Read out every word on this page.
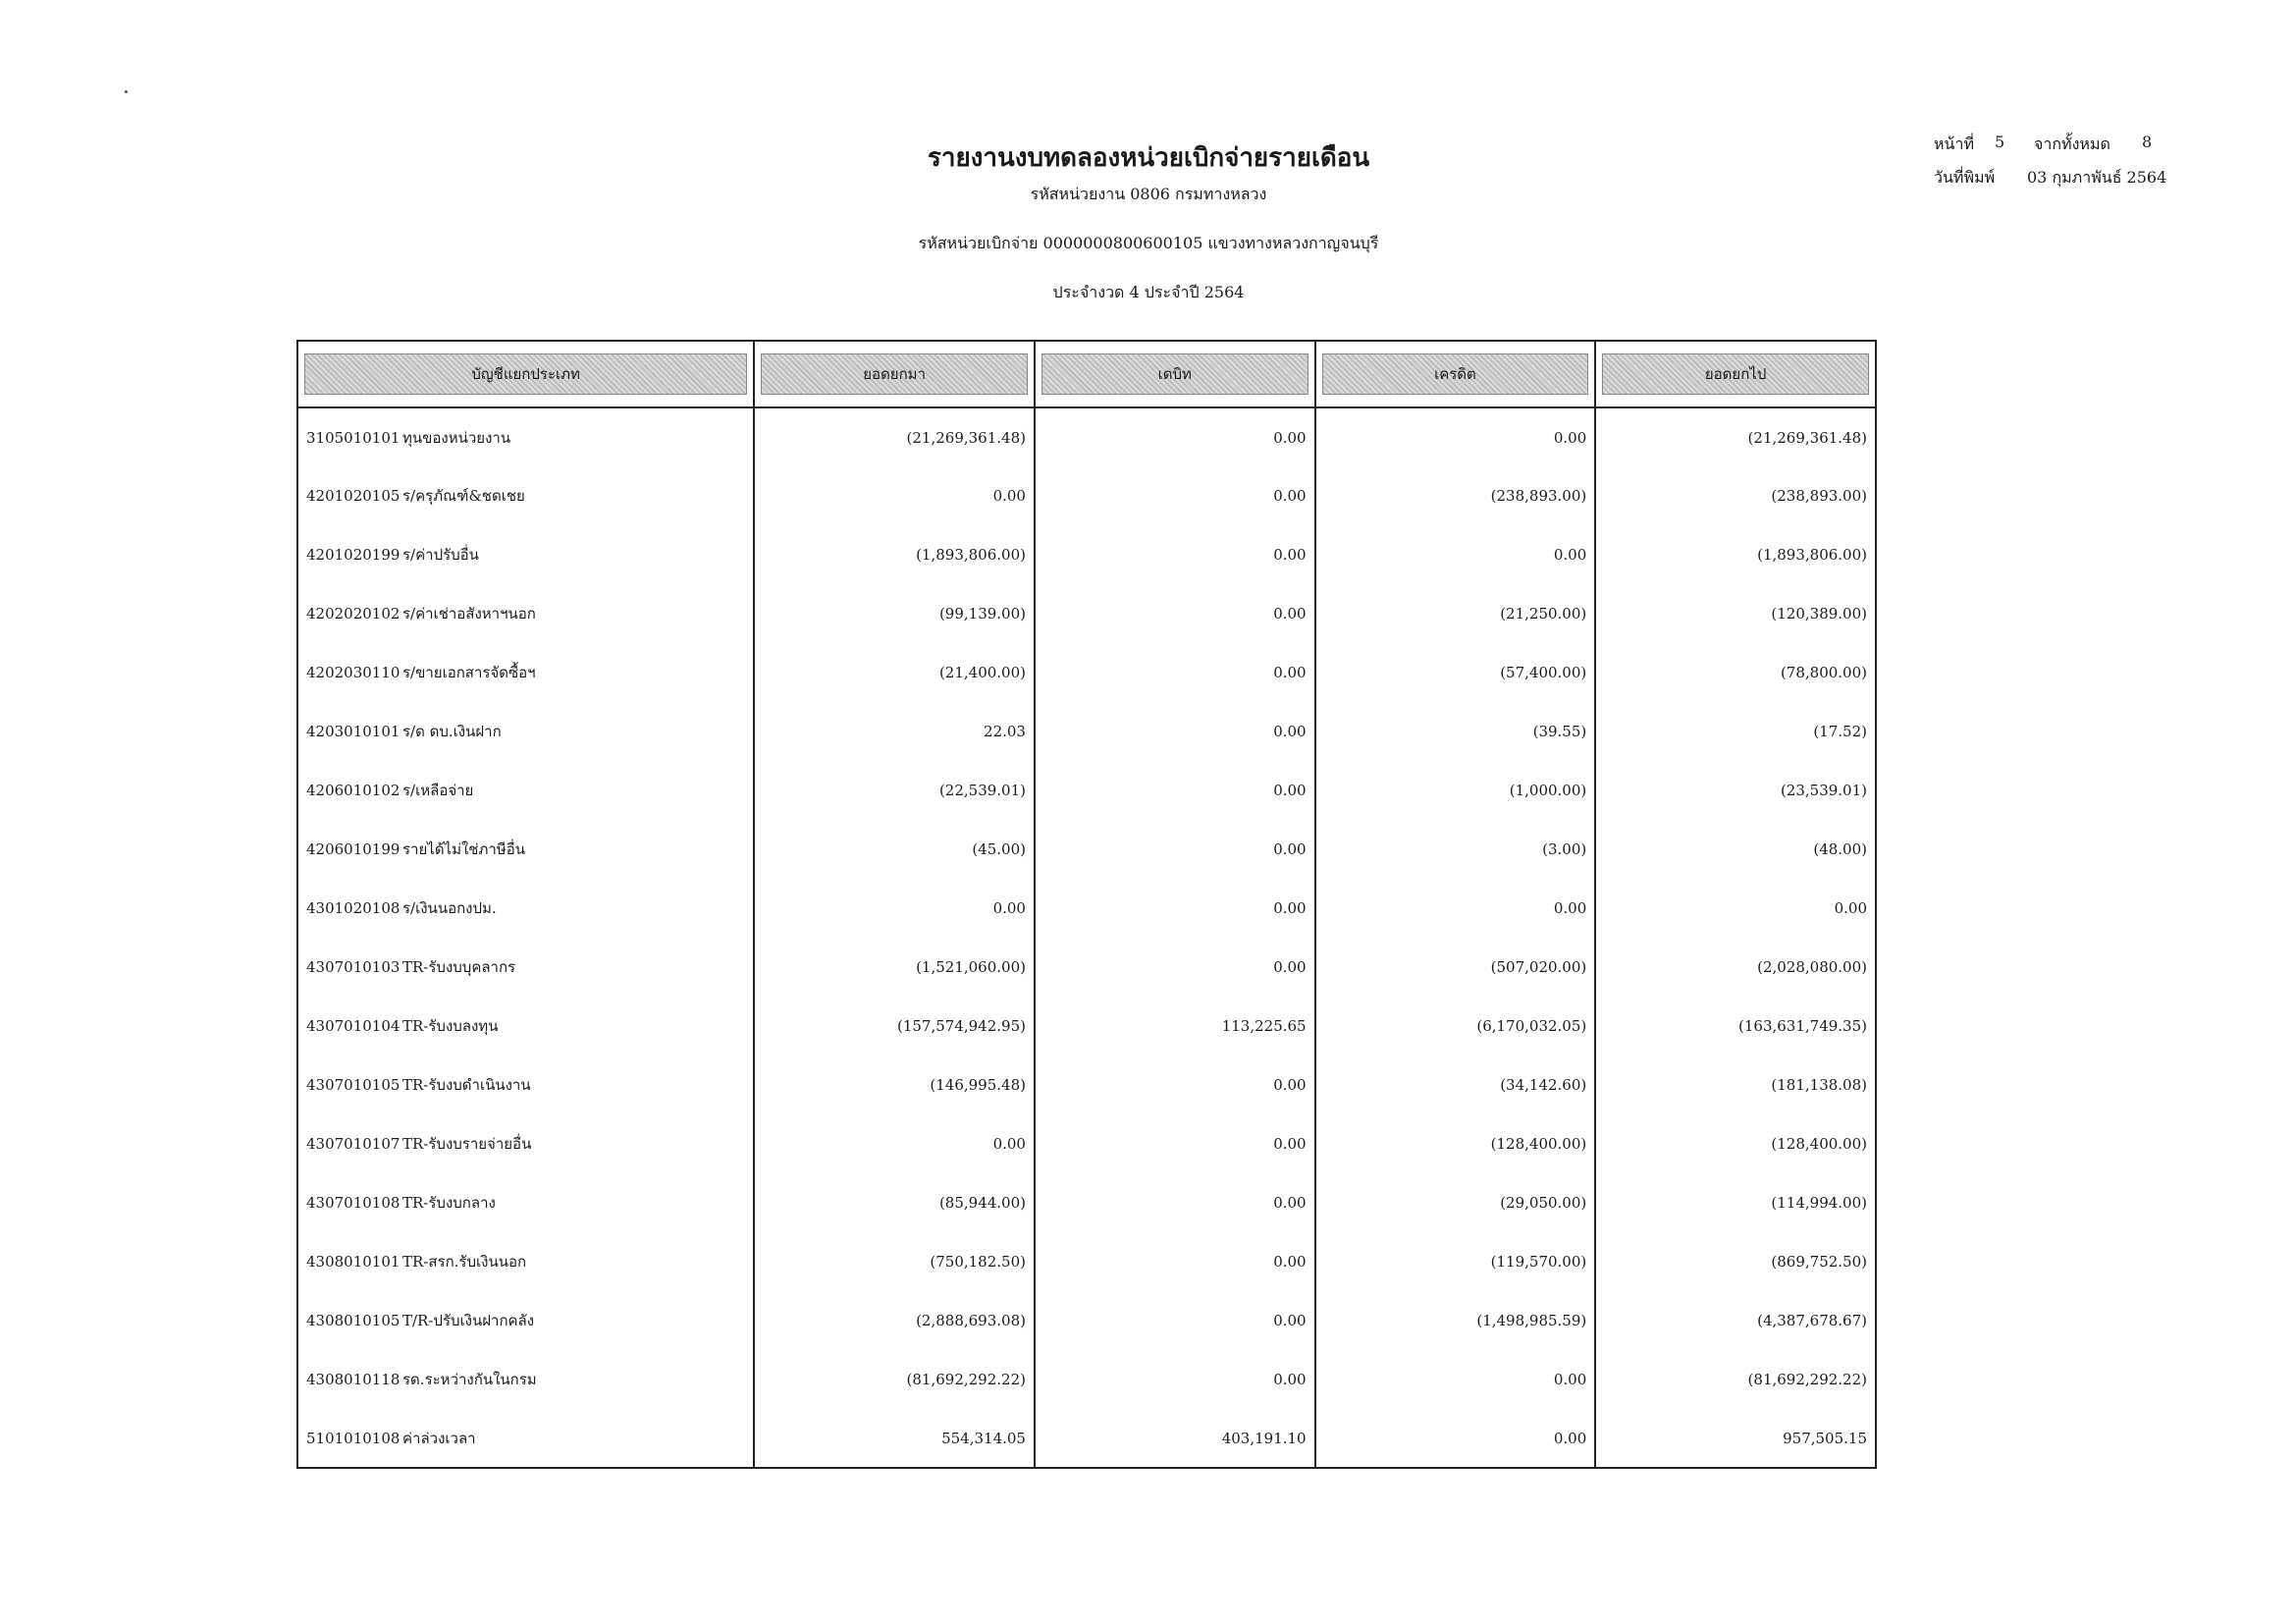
รายงานงบทดลองหน่วยเบิกจ่ายรายเดือน
รหัสหน่วยงาน 0806 กรมทางหลวง
รหัสหน่วยเบิกจ่าย 0000000800600105 แขวงทางหลวงกาญจนบุรี
ประจำงวด 4 ประจำปี 2564
หน้าที่	5	จากทั้งหมด	8
วันที่พิมพ์	03 กุมภาพันธ์ 2564
บัญชีแยกประเภท	ยอดยกมา	เดบิท	เครดิต	ยอดยกไป

3105010101 ทุนของหน่วยงาน	(21,269,361.48)	0.00	0.00	(21,269,361.48)
4201020105 ร/ครุภัณฑ์&ชดเชย	0.00	0.00	(238,893.00)	(238,893.00)
4201020199 ร/ค่าปรับอื่น	(1,893,806.00)	0.00	0.00	(1,893,806.00)
4202020102 ร/ค่าเช่าอสังหาฯนอก	(99,139.00)	0.00	(21,250.00)	(120,389.00)
4202030110 ร/ขายเอกสารจัดซื้อฯ	(21,400.00)	0.00	(57,400.00)	(78,800.00)
4203010101 ร/ด ดบ.เงินฝาก	22.03	0.00	(39.55)	(17.52)
4206010102 ร/เหลือจ่าย	(22,539.01)	0.00	(1,000.00)	(23,539.01)
4206010199 รายได้ไม่ใช่ภาษีอื่น	(45.00)	0.00	(3.00)	(48.00)
4301020108 ร/เงินนอกงปม.	0.00	0.00	0.00	0.00
4307010103 TR-รับงบบุคลากร	(1,521,060.00)	0.00	(507,020.00)	(2,028,080.00)
4307010104 TR-รับงบลงทุน	(157,574,942.95)	113,225.65	(6,170,032.05)	(163,631,749.35)
4307010105 TR-รับงบดำเนินงาน	(146,995.48)	0.00	(34,142.60)	(181,138.08)
4307010107 TR-รับงบรายจ่ายอื่น	0.00	0.00	(128,400.00)	(128,400.00)
4307010108 TR-รับงบกลาง	(85,944.00)	0.00	(29,050.00)	(114,994.00)
4308010101 TR-สรก.รับเงินนอก	(750,182.50)	0.00	(119,570.00)	(869,752.50)
4308010105 T/R-ปรับเงินฝากคลัง	(2,888,693.08)	0.00	(1,498,985.59)	(4,387,678.67)
4308010118 รด.ระหว่างกันในกรม	(81,692,292.22)	0.00	0.00	(81,692,292.22)
5101010108 ค่าล่วงเวลา	554,314.05	403,191.10	0.00	957,505.15
